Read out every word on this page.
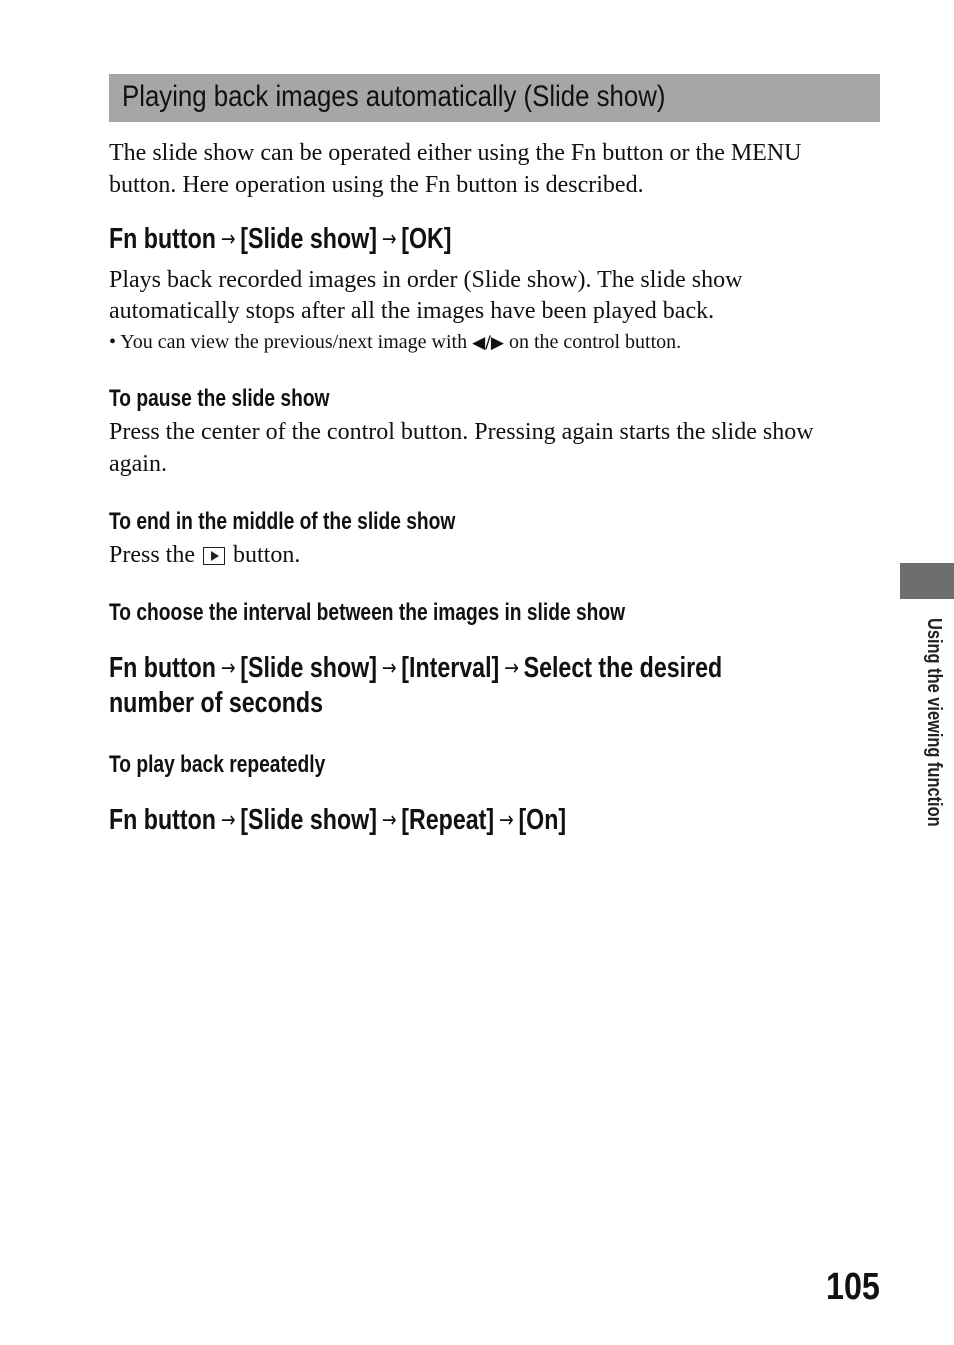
Playing back images automatically (Slide show)
The slide show can be operated either using the Fn button or the MENU
button. Here operation using the Fn button is described.
Fn button → [Slide show] → [OK]
Plays back recorded images in order (Slide show). The slide show
automatically stops after all the images have been played back.
• You can view the previous/next image with ◀/▶ on the control button.
To pause the slide show
Press the center of the control button. Pressing again starts the slide show
again.
To end in the middle of the slide show
Press the button.
To choose the interval between the images in slide show
Fn button → [Slide show] → [Interval] → Select the desired
number of seconds
To play back repeatedly
Fn button → [Slide show] → [Repeat] → [On]	Using the viewing function
105
